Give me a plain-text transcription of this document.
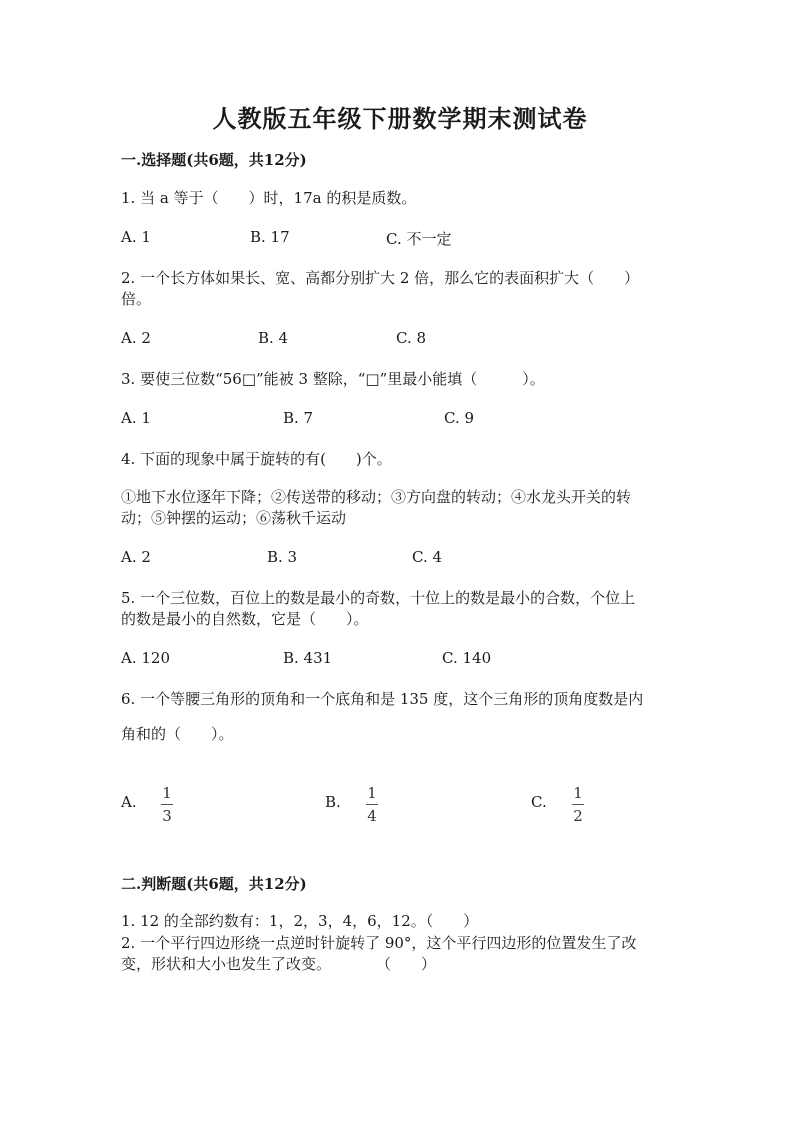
人教版五年级下册数学期末测试卷
一.选择题(共6题，共12分)
1. 当 a 等于（　　）时，17a 的积是质数。
A. 1	B. 17	C. 不一定
2. 一个长方体如果长、宽、高都分别扩大 2 倍，那么它的表面积扩大（　　）
倍。
A. 2	B. 4	C. 8
3. 要使三位数“56□”能被 3 整除，“□”里最小能填（　　　）。
A. 1	B. 7	C. 9
4. 下面的现象中属于旋转的有(　　)个。
①地下水位逐年下降；②传送带的移动；③方向盘的转动；④水龙头开关的转
动；⑤钟摆的运动；⑥荡秋千运动
A. 2	B. 3	C. 4
5. 一个三位数，百位上的数是最小的奇数，十位上的数是最小的合数，个位上
的数是最小的自然数，它是（　　）。
A. 120	B. 431	C. 140
6. 一个等腰三角形的顶角和一个底角和是 135 度，这个三角形的顶角度数是内
角和的（　　）。
A. 1
3
B. 1
4
C. 1
2
二.判断题(共6题，共12分)
1. 12 的全部约数有：1，2，3，4，6，12。（　　）
2. 一个平行四边形绕一点逆时针旋转了 90°，这个平行四边形的位置发生了改
变，形状和大小也发生了改变。　　　　（　　）
